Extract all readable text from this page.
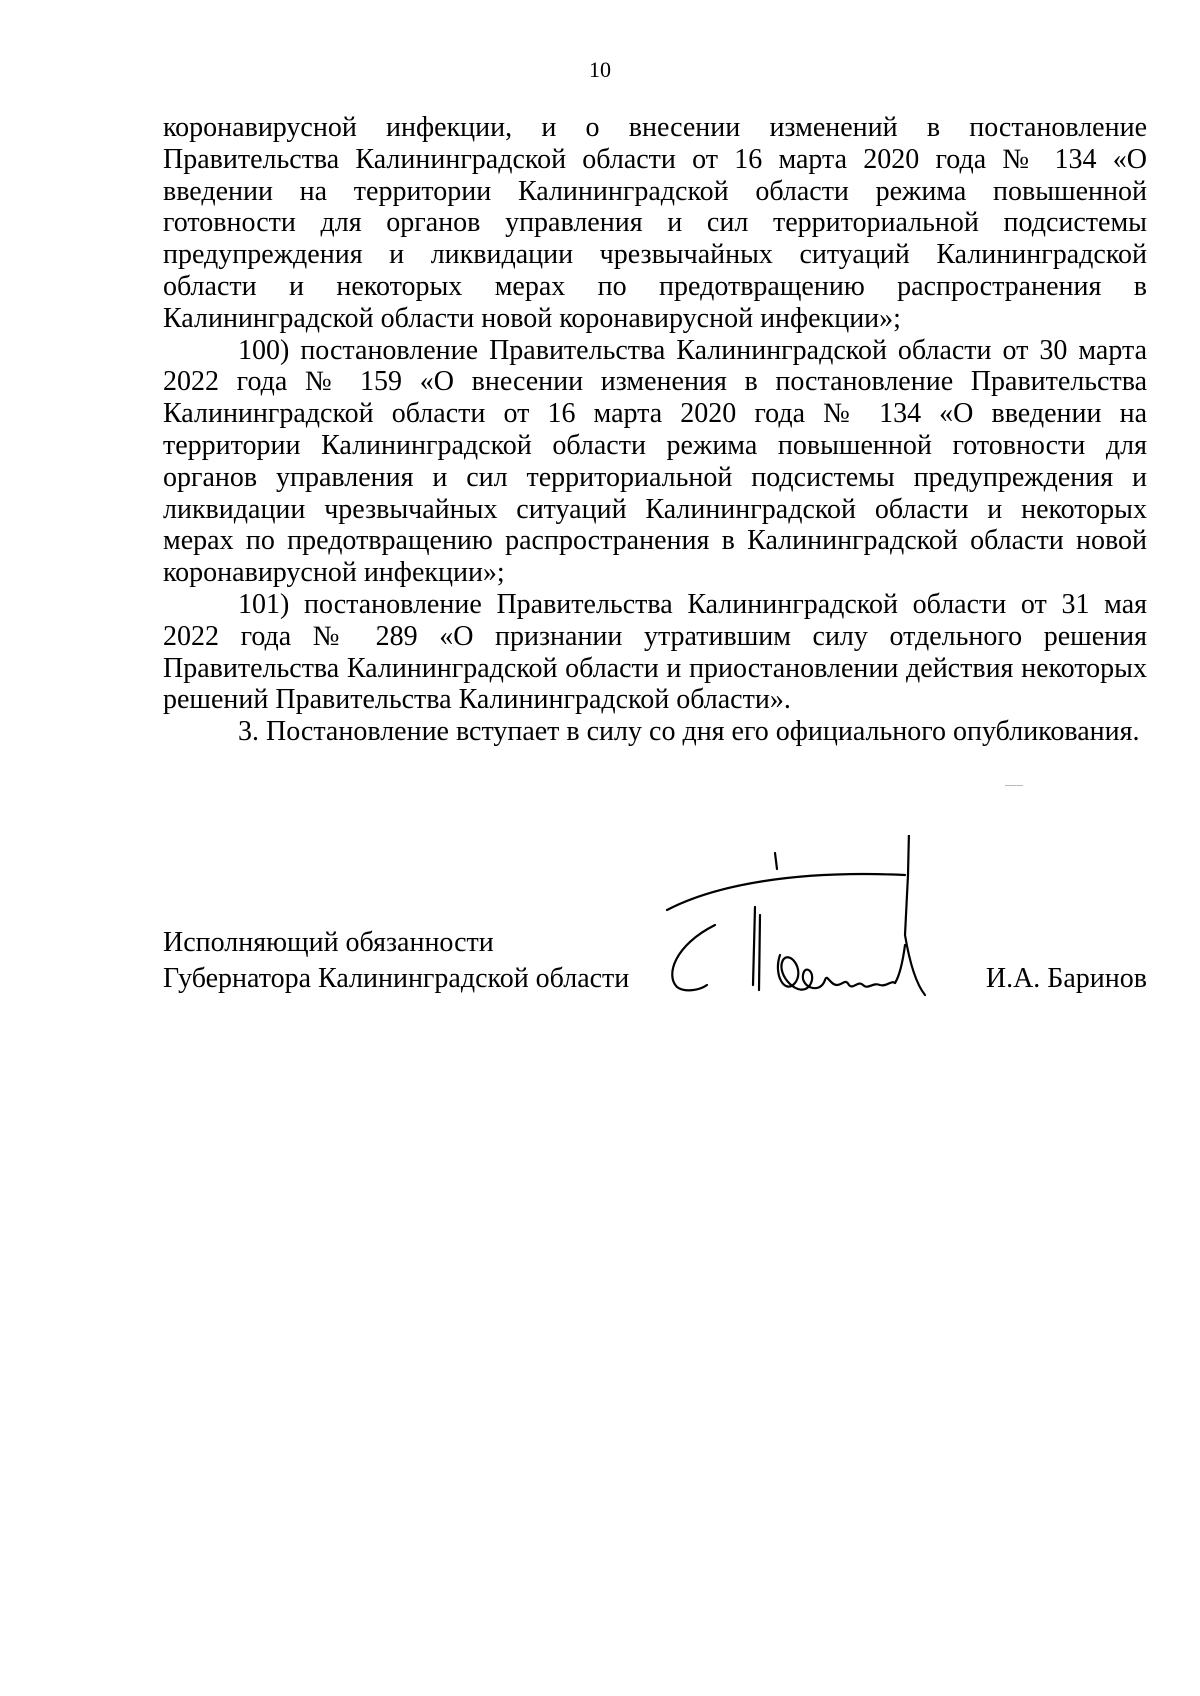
10

коронавирусной инфекции, и о внесении изменений в постановление Правительства Калининградской области от 16 марта 2020 года № 134 «О введении на территории Калининградской области режима повышенной готовности для органов управления и сил территориальной подсистемы предупреждения и ликвидации чрезвычайных ситуаций Калининградской области и некоторых мерах по предотвращению распространения в Калининградской области новой коронавирусной инфекции»;

100) постановление Правительства Калининградской области от 30 марта 2022 года № 159 «О внесении изменения в постановление Правительства Калининградской области от 16 марта 2020 года № 134 «О введении на территории Калининградской области режима повышенной готовности для органов управления и сил территориальной подсистемы предупреждения и ликвидации чрезвычайных ситуаций Калининградской области и некоторых мерах по предотвращению распространения в Калининградской области новой коронавирусной инфекции»;

101) постановление Правительства Калининградской области от 31 мая 2022 года № 289 «О признании утратившим силу отдельного решения Правительства Калининградской области и приостановлении действия некоторых решений Правительства Калининградской области».

3. Постановление вступает в силу со дня его официального опубликования.

Исполняющий обязанности
Губернатора Калининградской области	И.А. Баринов
